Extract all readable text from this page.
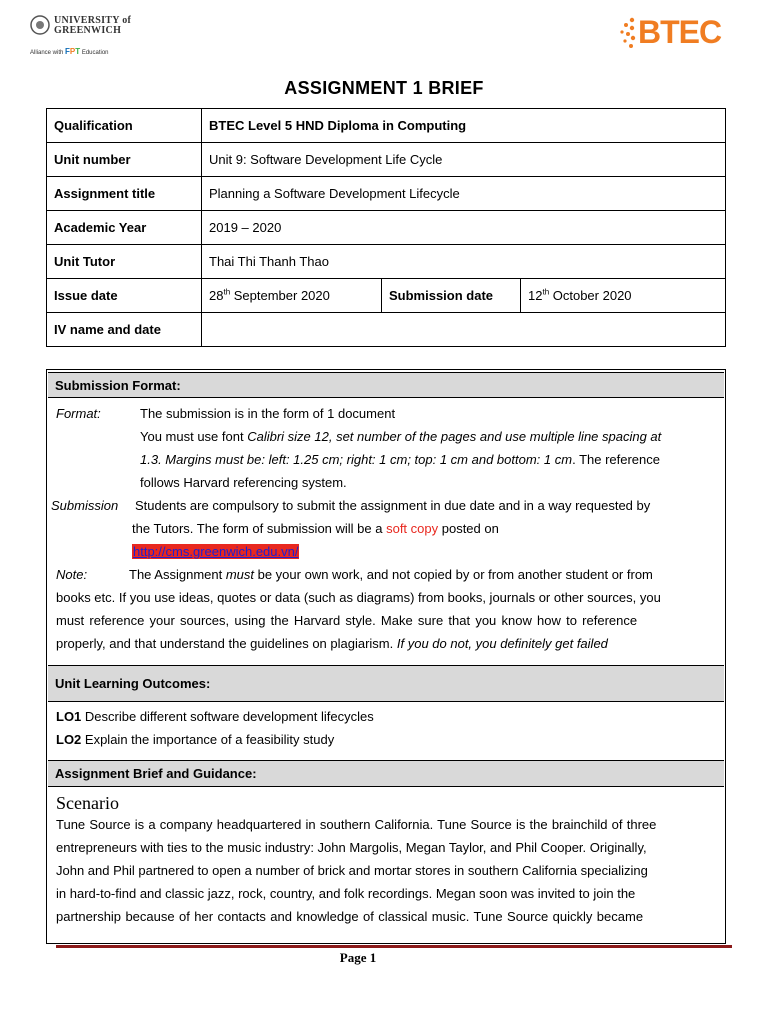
UNIVERSITY of
GREENWICH
Alliance with FPT Education
BTEC
ASSIGNMENT 1 BRIEF
Qualification	BTEC Level 5 HND Diploma in Computing		
Unit number	Unit 9: Software Development Life Cycle		
Assignment title	Planning a Software Development Lifecycle		
Academic Year	2019 – 2020		
Unit Tutor	Thai Thi Thanh Thao		
Issue date	28th September 2020	Submission date	12th October 2020
IV name and date			
Submission Format:
Format:	The submission is in the form of 1 document
You must use font Calibri size 12, set number of the pages and use multiple line spacing at
1.3. Margins must be: left: 1.25 cm; right: 1 cm; top: 1 cm and bottom: 1 cm. The reference
follows Harvard referencing system.
Submission Students are compulsory to submit the assignment in due date and in a way requested by
the Tutors. The form of submission will be a soft copy posted on
http://cms.greenwich.edu.vn/
Note:	The Assignment must be your own work, and not copied by or from another student or from
books etc. If you use ideas, quotes or data (such as diagrams) from books, journals or other sources, you
must reference your sources, using the Harvard style. Make sure that you know how to reference
properly, and that understand the guidelines on plagiarism. If you do not, you definitely get failed
Unit Learning Outcomes:
LO1 Describe different software development lifecycles
LO2 Explain the importance of a feasibility study
Assignment Brief and Guidance:
Scenario
Tune Source is a company headquartered in southern California. Tune Source is the brainchild of three
entrepreneurs with ties to the music industry: John Margolis, Megan Taylor, and Phil Cooper. Originally,
John and Phil partnered to open a number of brick and mortar stores in southern California specializing
in hard-to-find and classic jazz, rock, country, and folk recordings. Megan soon was invited to join the
partnership because of her contacts and knowledge of classical music. Tune Source quickly became
Page 1
